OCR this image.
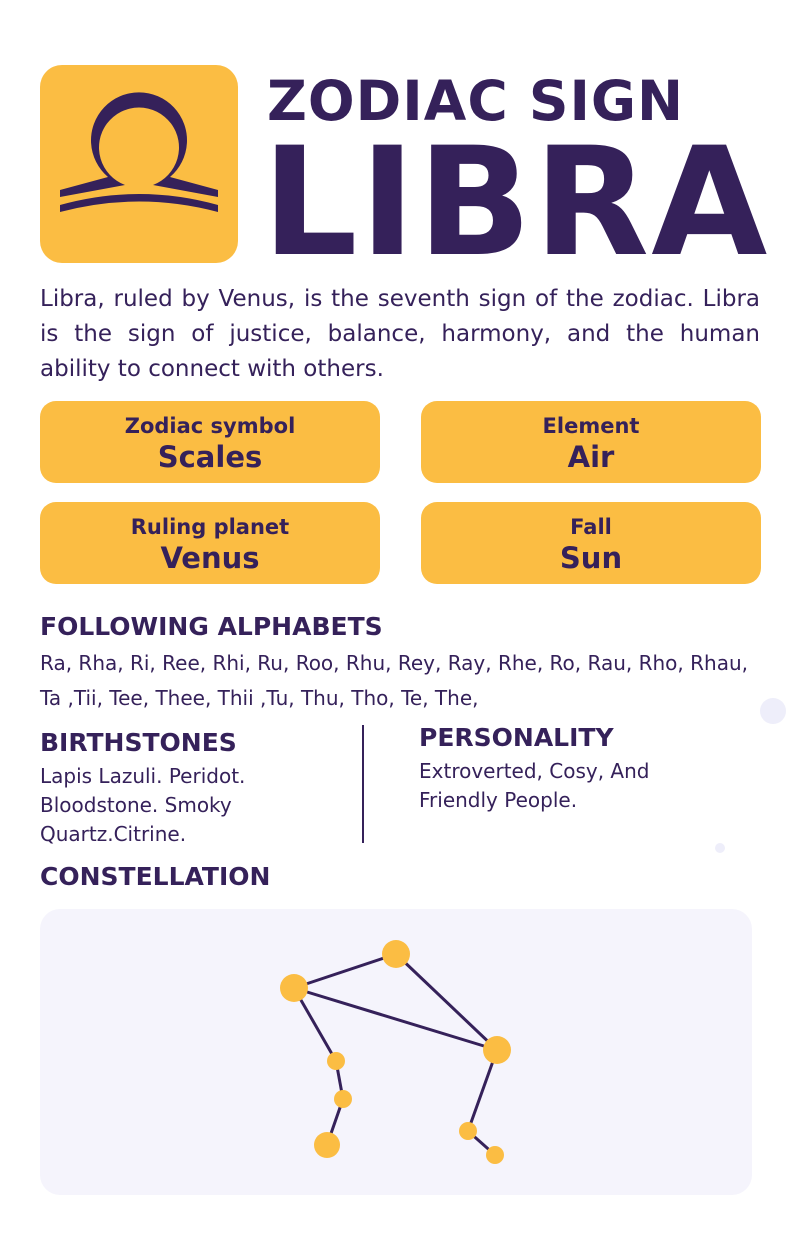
ZODIAC SIGN
LIBRA
Libra, ruled by Venus, is the seventh sign of the zodiac. Libra is the sign of justice, balance, harmony, and the human ability to connect with others.
Zodiac symbol
Scales
Element
Air
Ruling planet
Venus
Fall
Sun
FOLLOWING ALPHABETS
Ra, Rha, Ri, Ree, Rhi, Ru, Roo, Rhu, Rey, Ray, Rhe, Ro, Rau, Rho, Rhau, Ta ,Tii, Tee, Thee, Thii ,Tu, Thu, Tho, Te, The,
BIRTHSTONES
Lapis Lazuli. Peridot. Bloodstone. Smoky Quartz.Citrine.
PERSONALITY
Extroverted, Cosy, And Friendly People.
CONSTELLATION
